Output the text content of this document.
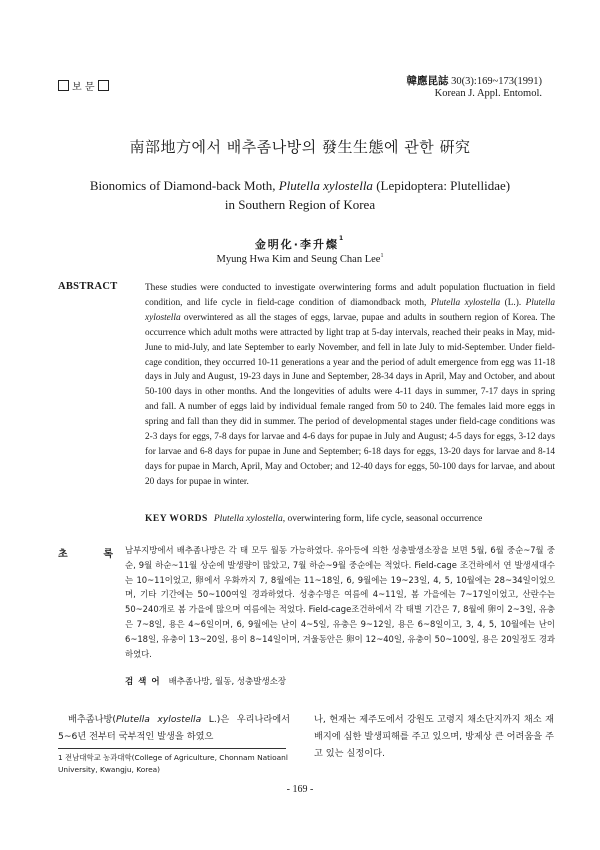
보 문
韓應昆誌 30(3):169~173(1991)
Korean J. Appl. Entomol.
南部地方에서 배추좀나방의 發生生態에 관한 硏究
Bionomics of Diamond-back Moth, Plutella xylostella (Lepidoptera: Plutellidae)
in Southern Region of Korea
金明化·李升燦$^1$
Myung Hwa Kim and Seung Chan Lee$^1$
ABSTRACT	These studies were conducted to investigate overwintering forms and adult population fluctuation in field condition, and life cycle in field-cage condition of diamondback moth, Plutella xylostella (L.). Plutella xylostella overwintered as all the stages of eggs, larvae, pupae and adults in southern region of Korea. The occurrence which adult moths were attracted by light trap at 5-day intervals, reached their peaks in May, mid-June to mid-July, and late September to early November, and fell in late July to mid-September. Under field-cage condition, they occurred 10-11 generations a year and the period of adult emergence from egg was 11-18 days in July and August, 19-23 days in June and September, 28-34 days in April, May and October, and about 50-100 days in other months. And the longevities of adults were 4-11 days in summer, 7-17 days in spring and fall. A number of eggs laid by individual female ranged from 50 to 240. The females laid more eggs in spring and fall than they did in summer. The period of developmental stages under field-cage conditions was 2-3 days for eggs, 7-8 days for larvae and 4-6 days for pupae in July and August; 4-5 days for eggs, 3-12 days for larvae and 6-8 days for pupae in June and September; 6-18 days for eggs, 13-20 days for larvae and 8-14 days for pupae in March, April, May and October; and 12-40 days for eggs, 50-100 days for larvae, and about 20 days for pupae in winter.
KEY WORDS Plutella xylostella, overwintering form, life cycle, seasonal occurrence
초	록 남부지방에서 배추좀나방은 각 태 모두 월동 가능하였다. 유아등에 의한 성충발생소장을 보면 5월, 6월 중순~7월 중순, 9월 하순~11월 상순에 발생량이 많았고, 7월 하순~9월 중순에는 적었다. Field-cage 조건하에서 연 발생세대수는 10~11이었고, 卵에서 우화까지 7, 8월에는 11~18일, 6, 9월에는 19~23일, 4, 5, 10월에는 28~34일이었으며, 기타 기간에는 50~100여일 경과하였다. 성충수명은 여름에 4~11일, 봄 가을에는 7~17일이었고, 산란수는 50~240개로 봄 가을에 많으며 여름에는 적었다. Field-cage조건하에서 각 태별 기간은 7, 8월에 卵이 2~3일, 유충은 7~8일, 용은 4~6일이며, 6, 9월에는 난이 4~5일, 유충은 9~12일, 용은 6~8일이고, 3, 4, 5, 10월에는 난이 6~18일, 유충이 13~20일, 용이 8~14일이며, 겨울동안은 卵이 12~40일, 유충이 50~100일, 용은 20일정도 경과하였다.
검 색 어 배추좀나방, 월동, 성충발생소장
배추좀나방(Plutella xylostella L.)은 우리나라에서 5~6년 전부터 국부적인 발생을 하였으
나, 현재는 제주도에서 강원도 고령지 채소단지까지 채소 재배지에 심한 발생피해를 주고 있으며, 방제상 큰 어려움을 주고 있는 실정이다.
1 전남대학교 농과대학(College of Agriculture, Chonnam Natioanl University, Kwangju, Korea)
- 169 -
